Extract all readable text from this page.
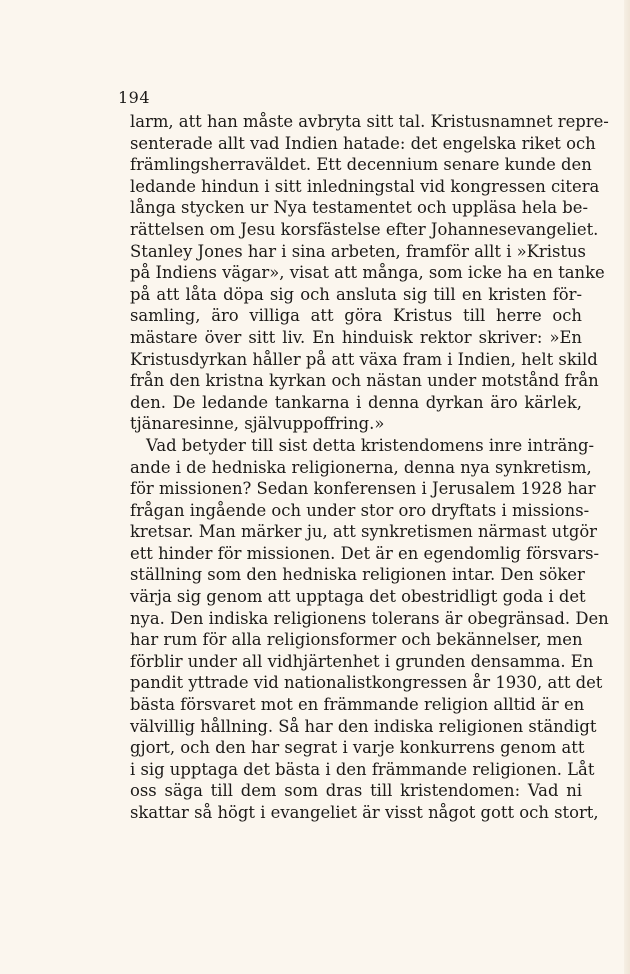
194
larm, att han måste avbryta sitt tal. Kristusnamnet repre-
senterade allt vad Indien hatade: det engelska riket och
främlingsherraväldet. Ett decennium senare kunde den
ledande hindun i sitt inledningstal vid kongressen citera
långa stycken ur Nya testamentet och uppläsa hela be-
rättelsen om Jesu korsfästelse efter Johannesevangeliet.
Stanley Jones har i sina arbeten, framför allt i »Kristus
på Indiens vägar», visat att många, som icke ha en tanke
på att låta döpa sig och ansluta sig till en kristen för-
samling, äro villiga att göra Kristus till herre och
mästare över sitt liv. En hinduisk rektor skriver: »En
Kristusdyrkan håller på att växa fram i Indien, helt skild
från den kristna kyrkan och nästan under motstånd från
den. De ledande tankarna i denna dyrkan äro kärlek,
tjänaresinne, självuppoffring.»
Vad betyder till sist detta kristendomens inre inträng-
ande i de hedniska religionerna, denna nya synkretism,
för missionen? Sedan konferensen i Jerusalem 1928 har
frågan ingående och under stor oro dryftats i missions-
kretsar. Man märker ju, att synkretismen närmast utgör
ett hinder för missionen. Det är en egendomlig försvars-
ställning som den hedniska religionen intar. Den söker
värja sig genom att upptaga det obestridligt goda i det
nya. Den indiska religionens tolerans är obegränsad. Den
har rum för alla religionsformer och bekännelser, men
förblir under all vidhjärtenhet i grunden densamma. En
pandit yttrade vid nationalistkongressen år 1930, att det
bästa försvaret mot en främmande religion alltid är en
välvillig hållning. Så har den indiska religionen ständigt
gjort, och den har segrat i varje konkurrens genom att
i sig upptaga det bästa i den främmande religionen. Låt
oss säga till dem som dras till kristendomen: Vad ni
skattar så högt i evangeliet är visst något gott och stort,
